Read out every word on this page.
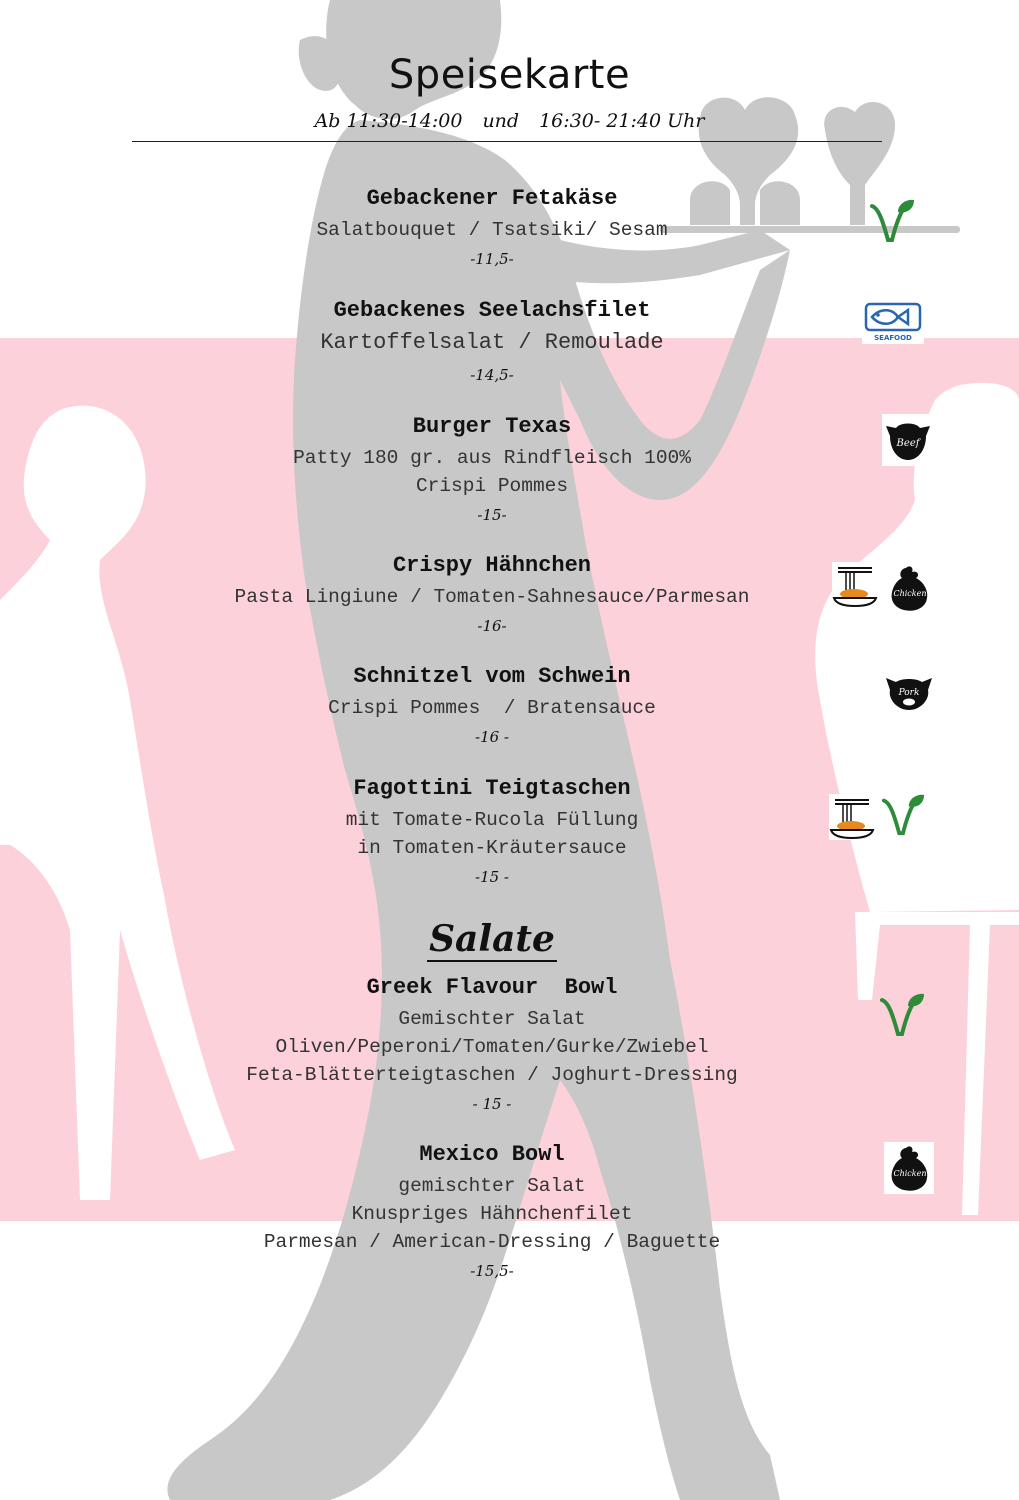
Speisekarte
Ab 11:30-14:00 und 16:30- 21:40 Uhr
Gebackener Fetakäse
Salatbouquet / Tsatsiki/ Sesam
-11,5-
Gebackenes Seelachsfilet
Kartoffelsalat / Remoulade
-14,5-
Burger Texas
Patty 180 gr. aus Rindfleisch 100%
Crispi Pommes
-15-
Crispy Hähnchen
Pasta Lingiune / Tomaten-Sahnesauce/Parmesan
-16-
Schnitzel vom Schwein
Crispi Pommes  / Bratensauce
-16 -
Fagottini Teigtaschen
mit Tomate-Rucola Füllung
in Tomaten-Kräutersauce
-15 -
Salate
Greek Flavour  Bowl
Gemischter Salat
Oliven/Peperoni/Tomaten/Gurke/Zwiebel
Feta-Blätterteigtaschen / Joghurt-Dressing
- 15 -
Mexico Bowl
gemischter Salat
Knuspriges Hähnchenfilet
Parmesan / American-Dressing / Baguette
-15,5-
SEAFOOD
Beef
Chicken
Pork
Chicken
